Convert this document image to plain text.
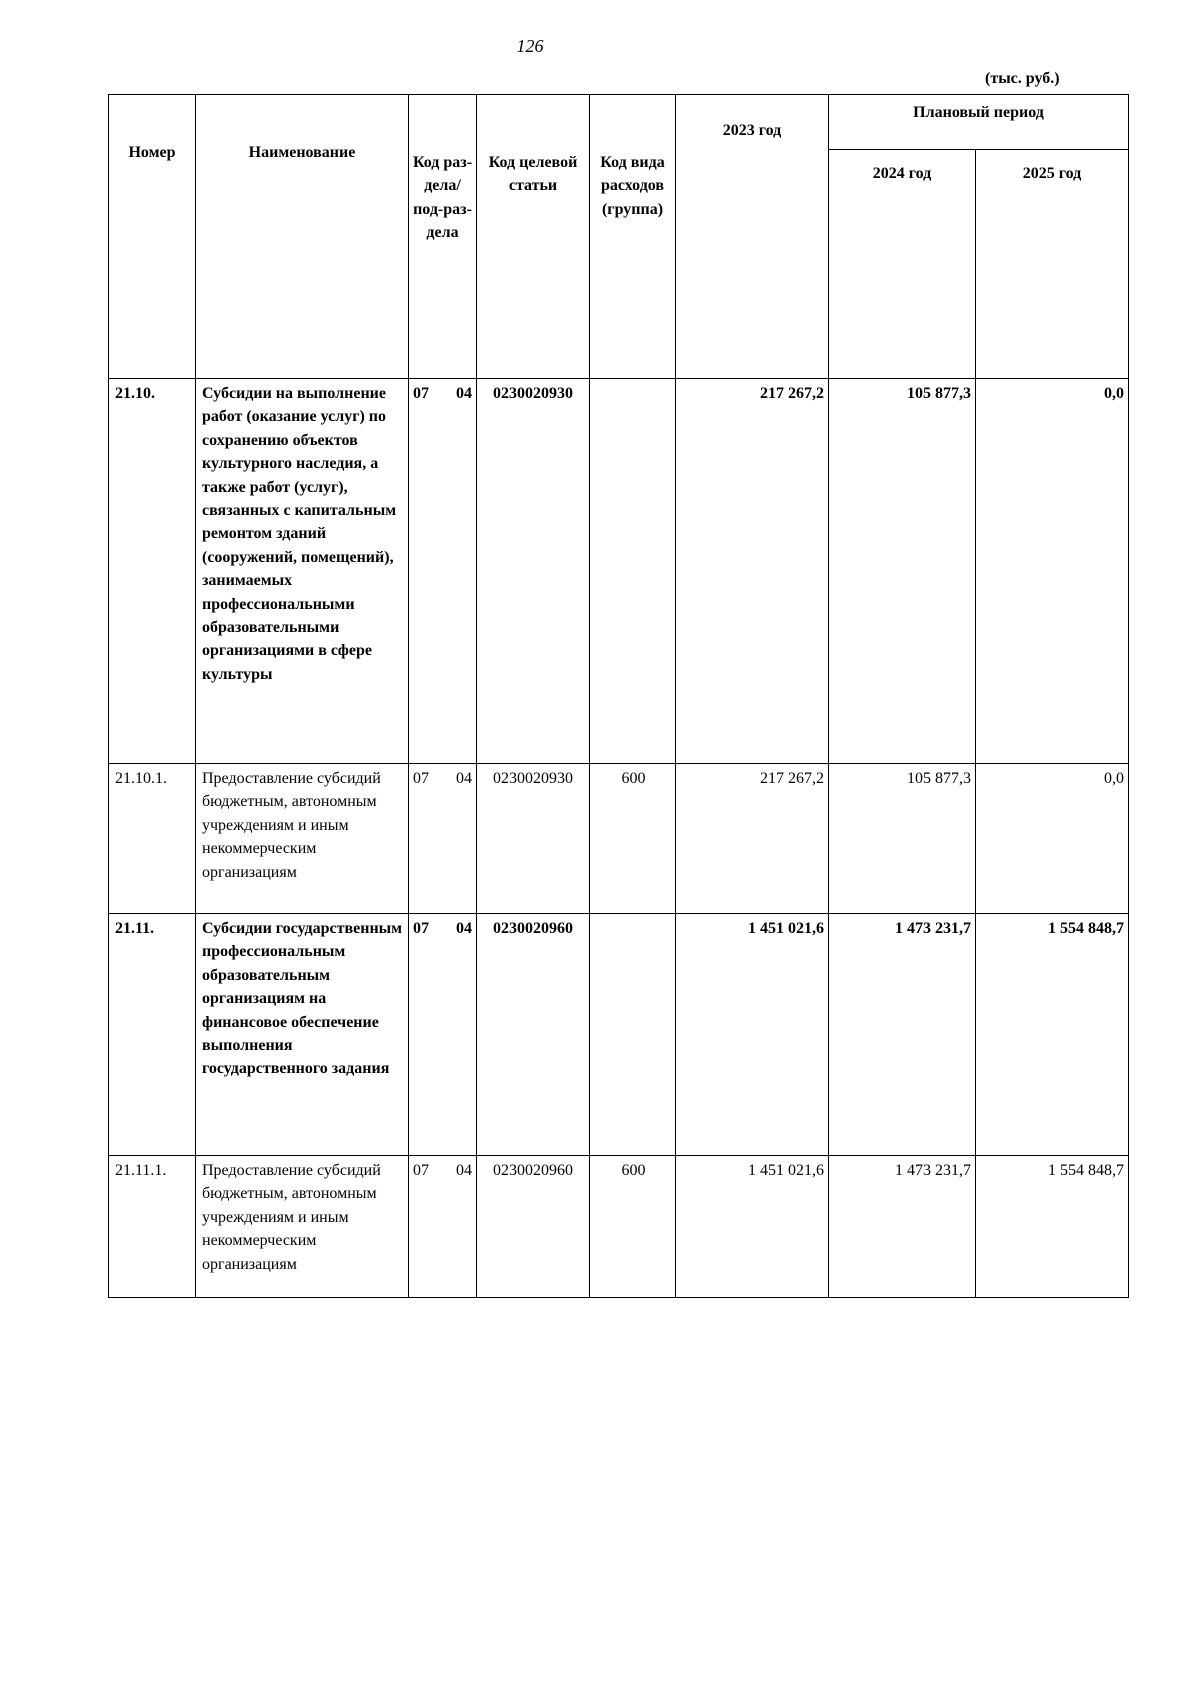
126
(тыс. руб.)
Номер	Наименование	Код раз-дела/ под-раз-дела	Код целевой статьи	Код вида расходов (группа)	2023 год	Плановый период	
						2024 год	2025 год
21.10.	Субсидии на выполнение работ (оказание услуг) по сохранению объектов культурного наследия, а также работ (услуг), связанных с капитальным ремонтом зданий (сооружений, помещений), занимаемых профессиональными образовательными организациями в сфере культуры	07 04	0230020930		217 267,2	105 877,3	0,0
21.10.1.	Предоставление субсидий бюджетным, автономным учреждениям и иным некоммерческим организациям	07 04	0230020930	600	217 267,2	105 877,3	0,0
21.11.	Субсидии государственным профессиональным образовательным организациям на финансовое обеспечение выполнения государственного задания	07 04	0230020960		1 451 021,6	1 473 231,7	1 554 848,7
21.11.1.	Предоставление субсидий бюджетным, автономным учреждениям и иным некоммерческим организациям	07 04	0230020960	600	1 451 021,6	1 473 231,7	1 554 848,7
